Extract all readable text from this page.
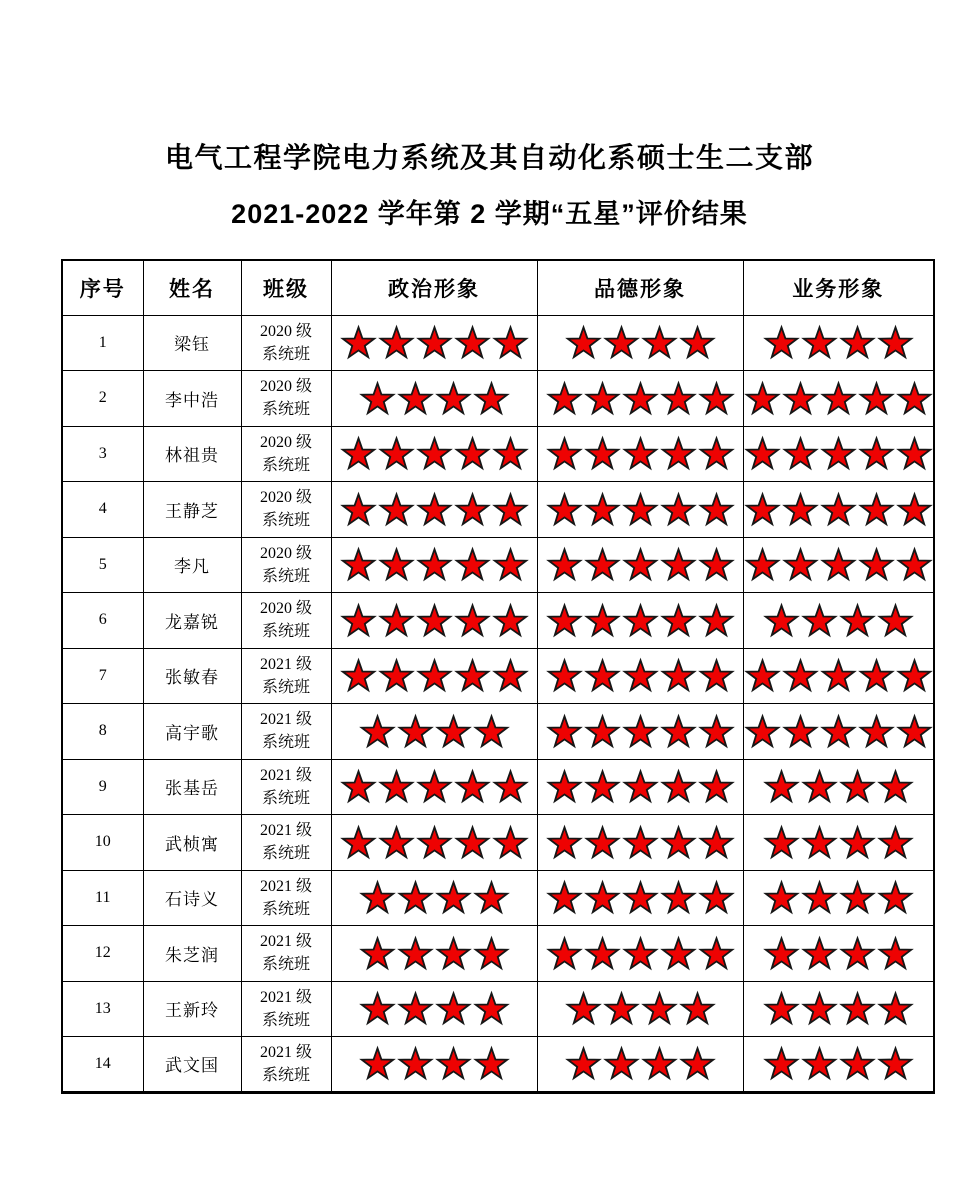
电气工程学院电力系统及其自动化系硕士生二支部
2021-2022 学年第 2 学期“五星”评价结果
序号	姓名	班级	政治形象	品德形象	业务形象
1	梁钰	2020 级
系统班

2	李中浩	2020 级
系统班

3	林祖贵	2020 级
系统班

4	王静芝	2020 级
系统班

5	李凡	2020 级
系统班

6	龙嘉锐	2020 级
系统班

7	张敏春	2021 级
系统班

8	高宇歌	2021 级
系统班

9	张基岳	2021 级
系统班

10	武桢寓	2021 级
系统班

11	石诗义	2021 级
系统班

12	朱芝润	2021 级
系统班

13	王新玲	2021 级
系统班

14	武文国	2021 级
系统班
